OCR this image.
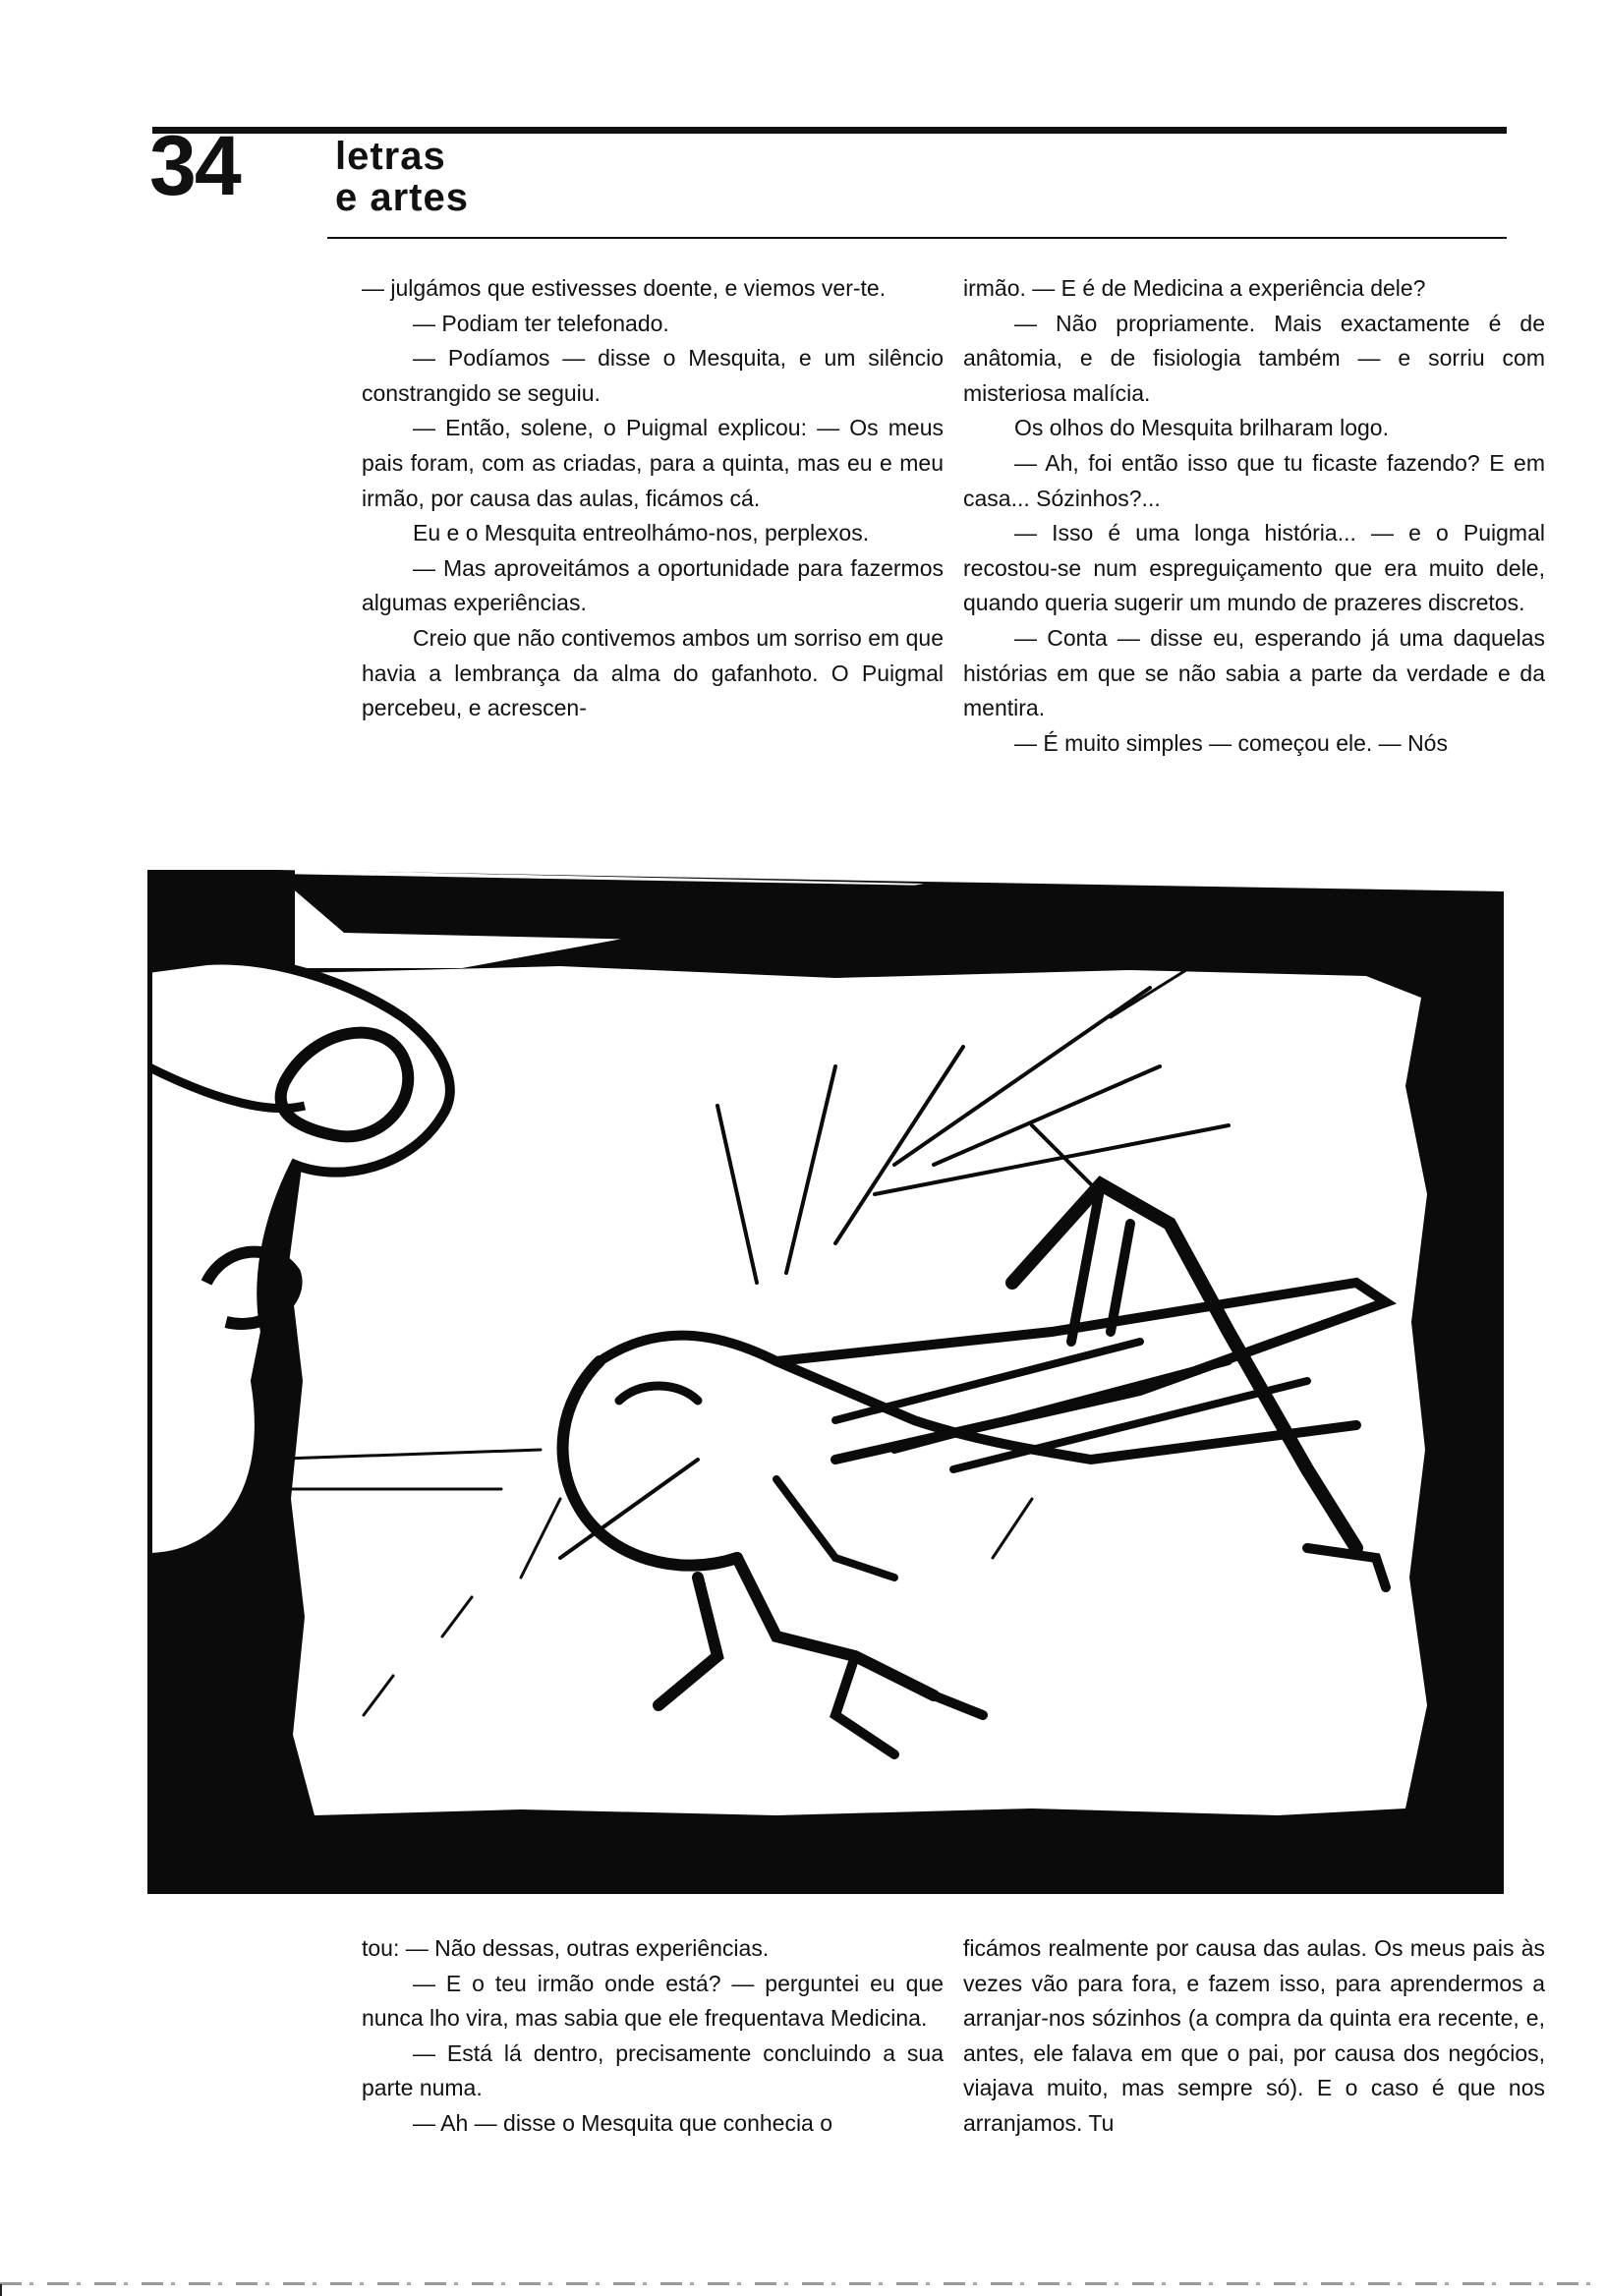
34 letras
e artes

— julgámos que estivesses doente, e viemos ver-te.

— Podiam ter telefonado.

— Podíamos — disse o Mesquita, e um silêncio constrangido se seguiu.

— Então, solene, o Puigmal explicou: — Os meus pais foram, com as criadas, para a quinta, mas eu e meu irmão, por causa das aulas, ficámos cá.

Eu e o Mesquita entreolhámo-nos, perplexos.

— Mas aproveitámos a oportunidade para fazermos algumas experiências.

Creio que não contivemos ambos um sorriso em que havia a lembrança da alma do gafanhoto. O Puigmal percebeu, e acrescen-

irmão. — E é de Medicina a experiência dele?

— Não propriamente. Mais exactamente é de anâtomia, e de fisiologia também — e sorriu com misteriosa malícia.

Os olhos do Mesquita brilharam logo.

— Ah, foi então isso que tu ficaste fazendo? E em casa... Sózinhos?...

— Isso é uma longa história... — e o Puigmal recostou-se num espreguiçamento que era muito dele, quando queria sugerir um mundo de prazeres discretos.

— Conta — disse eu, esperando já uma daquelas histórias em que se não sabia a parte da verdade e da mentira.

— É muito simples — começou ele. — Nós

tou: — Não dessas, outras experiências.

— E o teu irmão onde está? — perguntei eu que nunca lho vira, mas sabia que ele frequentava Medicina.

— Está lá dentro, precisamente concluindo a sua parte numa.

— Ah — disse o Mesquita que conhecia o

ficámos realmente por causa das aulas. Os meus pais às vezes vão para fora, e fazem isso, para aprendermos a arranjar-nos sózinhos (a compra da quinta era recente, e, antes, ele falava em que o pai, por causa dos negócios, viajava muito, mas sempre só). E o caso é que nos arranjamos. Tu
